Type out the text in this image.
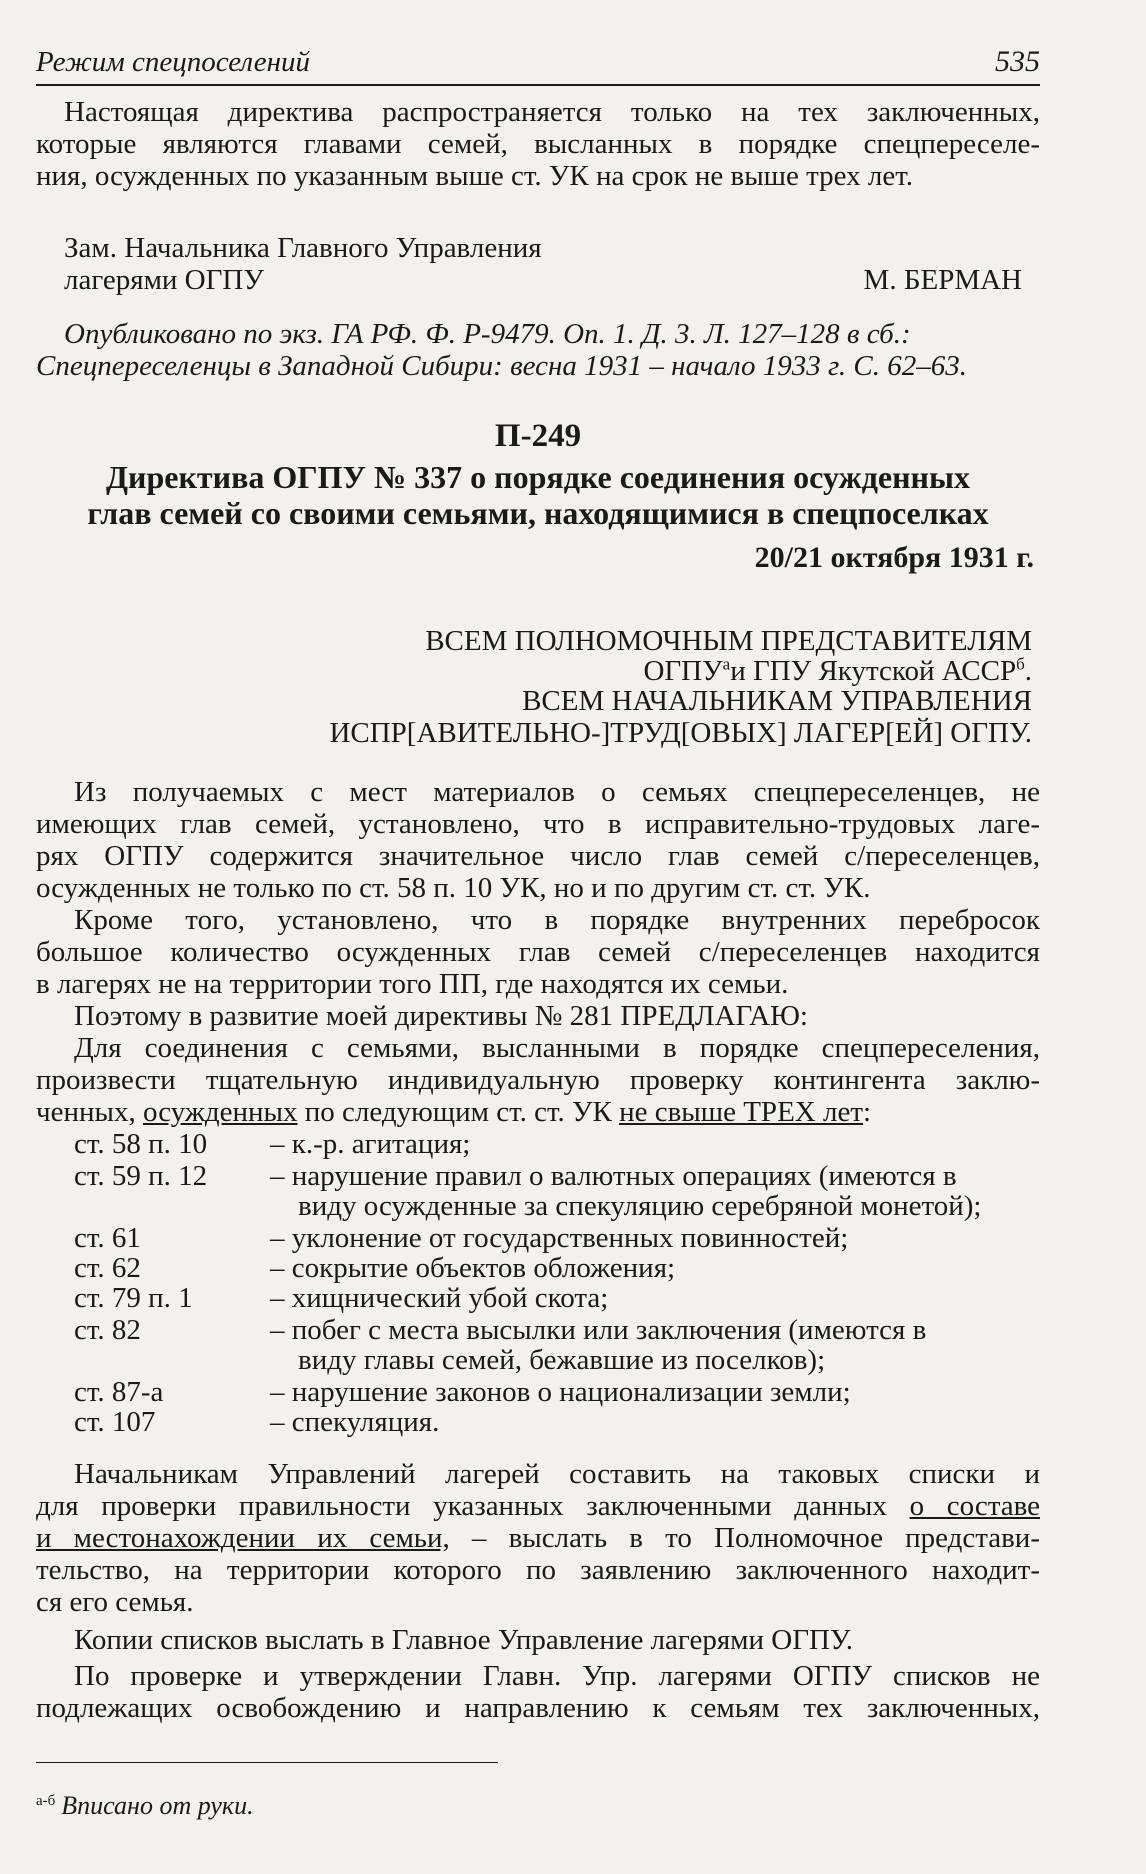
Режим спецпоселений	535
Настоящая директива распространяется только на тех заключенных,
которые являются главами семей, высланных в порядке спецпереселе-
ния, осужденных по указанным выше ст. УК на срок не выше трех лет.
Зам. Начальника Главного Управления
лагерями ОГПУ	М. БЕРМАН
Опубликовано по экз. ГА РФ. Ф. Р-9479. Оп. 1. Д. 3. Л. 127–128 в сб.:
Спецпереселенцы в Западной Сибири: весна 1931 – начало 1933 г. С. 62–63.
П-249
Директива ОГПУ № 337 о порядке соединения осужденных
глав семей со своими семьями, находящимися в спецпоселках
20/21 октября 1931 г.
ВСЕМ ПОЛНОМОЧНЫМ ПРЕДСТАВИТЕЛЯМ
$ОГПУ^аи$ ГПУ Якутской $АССР^б$.
ВСЕМ НАЧАЛЬНИКАМ УПРАВЛЕНИЯ
ИСПР[АВИТЕЛЬНО-]ТРУД[ОВЫХ] ЛАГЕР[ЕЙ] ОГПУ.
Из получаемых с мест материалов о семьях спецпереселенцев, не
имеющих глав семей, установлено, что в исправительно-трудовых лаге-
рях ОГПУ содержится значительное число глав семей с/переселенцев,
осужденных не только по ст. 58 п. 10 УК, но и по другим ст. ст. УК.
Кроме того, установлено, что в порядке внутренних переброcок
большое количество осужденных глав семей с/переселенцев находится
в лагерях не на территории того ПП, где находятся их семьи.
Поэтому в развитие моей директивы № 281 ПРЕДЛАГАЮ:
Для соединения с семьями, высланными в порядке спецпереселения,
произвести тщательную индивидуальную проверку контингента заклю-
ченных, осужденных по следующим ст. ст. УК не свыше ТРЕХ лет:
ст. 58 п. 10 – к.-р. агитация;
ст. 59 п. 12 – нарушение правил о валютных операциях (имеются в
виду осужденные за спекуляцию серебряной монетой);
ст. 61	– уклонение от государственных повинностей;
ст. 62	– сокрытие объектов обложения;
ст. 79 п. 1	– хищнический убой скота;
ст. 82	– побег с места высылки или заключения (имеются в
виду главы семей, бежавшие из поселков);
ст. 87-а	– нарушение законов о национализации земли;
ст. 107	– спекуляция.
Начальникам Управлений лагерей составить на таковых списки и
для проверки правильности указанных заключенными данных о составе
и местонахождении их семьи, – выслать в то Полномочное представи-
тельство, на территории которого по заявлению заключенного находит-
ся его семья.
Копии списков выслать в Главное Управление лагерями ОГПУ.
По проверке и утверждении Главн. Упр. лагерями ОГПУ списков не
подлежащих освобождению и направлению к семьям тех заключенных,
$^{а-б}$ Вписано от руки.
